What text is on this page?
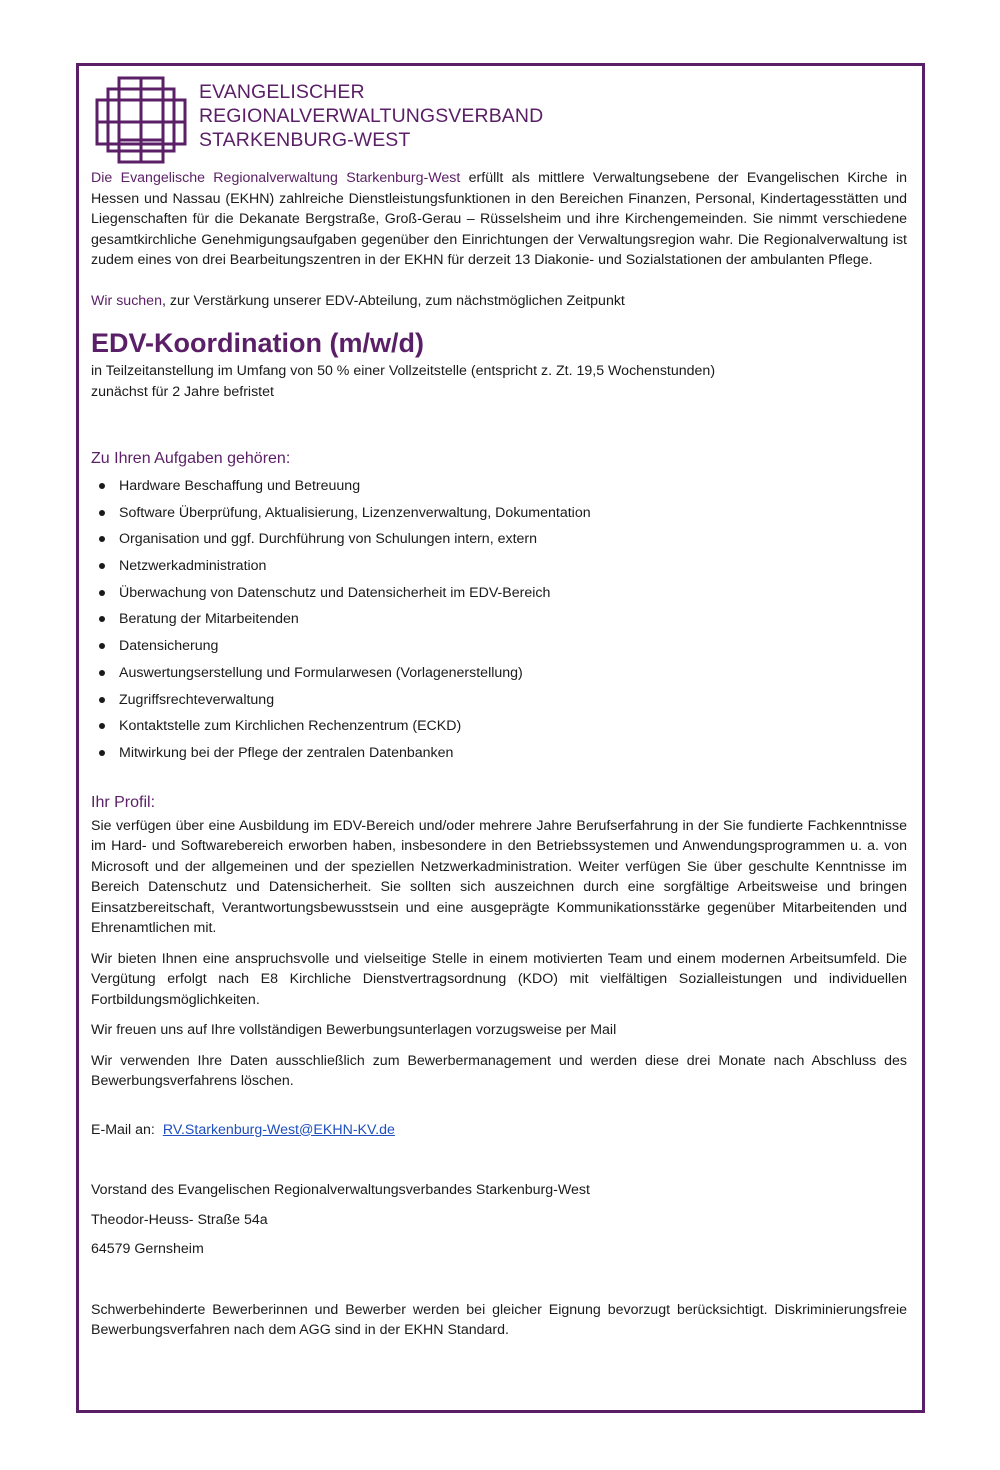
EVANGELISCHER
REGIONALVERWALTUNGSVERBAND
STARKENBURG-WEST

Die Evangelische Regionalverwaltung Starkenburg-West erfüllt als mittlere Verwaltungsebene der Evangelischen Kirche in Hessen und Nassau (EKHN) zahlreiche Dienstleistungsfunktionen in den Bereichen Finanzen, Personal, Kindertagesstätten und Liegenschaften für die Dekanate Bergstraße, Groß-Gerau – Rüsselsheim und ihre Kirchengemeinden. Sie nimmt verschiedene gesamtkirchliche Genehmigungsaufgaben gegenüber den Einrichtungen der Verwaltungsregion wahr. Die Regionalverwaltung ist zudem eines von drei Bearbeitungszentren in der EKHN für derzeit 13 Diakonie- und Sozialstationen der ambulanten Pflege.

Wir suchen, zur Verstärkung unserer EDV-Abteilung, zum nächstmöglichen Zeitpunkt

EDV-Koordination (m/w/d)

in Teilzeitanstellung im Umfang von 50 % einer Vollzeitstelle (entspricht z. Zt. 19,5 Wochenstunden)

zunächst für 2 Jahre befristet

Zu Ihren Aufgaben gehören:
Hardware Beschaffung und Betreuung
Software Überprüfung, Aktualisierung, Lizenzenverwaltung, Dokumentation
Organisation und ggf. Durchführung von Schulungen intern, extern
Netzwerkadministration
Überwachung von Datenschutz und Datensicherheit im EDV-Bereich
Beratung der Mitarbeitenden
Datensicherung
Auswertungserstellung und Formularwesen (Vorlagenerstellung)
Zugriffsrechteverwaltung
Kontaktstelle zum Kirchlichen Rechenzentrum (ECKD)
Mitwirkung bei der Pflege der zentralen Datenbanken
Ihr Profil:

Sie verfügen über eine Ausbildung im EDV-Bereich und/oder mehrere Jahre Berufserfahrung in der Sie fundierte Fachkenntnisse im Hard- und Softwarebereich erworben haben, insbesondere in den Betriebssystemen und Anwendungsprogrammen u. a. von Microsoft und der allgemeinen und der speziellen Netzwerkadministration. Weiter verfügen Sie über geschulte Kenntnisse im Bereich Datenschutz und Datensicherheit. Sie sollten sich auszeichnen durch eine sorgfältige Arbeitsweise und bringen Einsatzbereitschaft, Verantwortungsbewusstsein und eine ausgeprägte Kommunikationsstärke gegenüber Mitarbeitenden und Ehrenamtlichen mit.

Wir bieten Ihnen eine anspruchsvolle und vielseitige Stelle in einem motivierten Team und einem modernen Arbeitsumfeld. Die Vergütung erfolgt nach E8 Kirchliche Dienstvertragsordnung (KDO) mit vielfältigen Sozialleistungen und individuellen Fortbildungsmöglichkeiten.

Wir freuen uns auf Ihre vollständigen Bewerbungsunterlagen vorzugsweise per Mail

Wir verwenden Ihre Daten ausschließlich zum Bewerbermanagement und werden diese drei Monate nach Abschluss des Bewerbungsverfahrens löschen.

E-Mail an: RV.Starkenburg-West@EKHN-KV.de

Vorstand des Evangelischen Regionalverwaltungsverbandes Starkenburg-West

Theodor-Heuss- Straße 54a

64579 Gernsheim

Schwerbehinderte Bewerberinnen und Bewerber werden bei gleicher Eignung bevorzugt berücksichtigt. Diskriminierungsfreie Bewerbungsverfahren nach dem AGG sind in der EKHN Standard.
